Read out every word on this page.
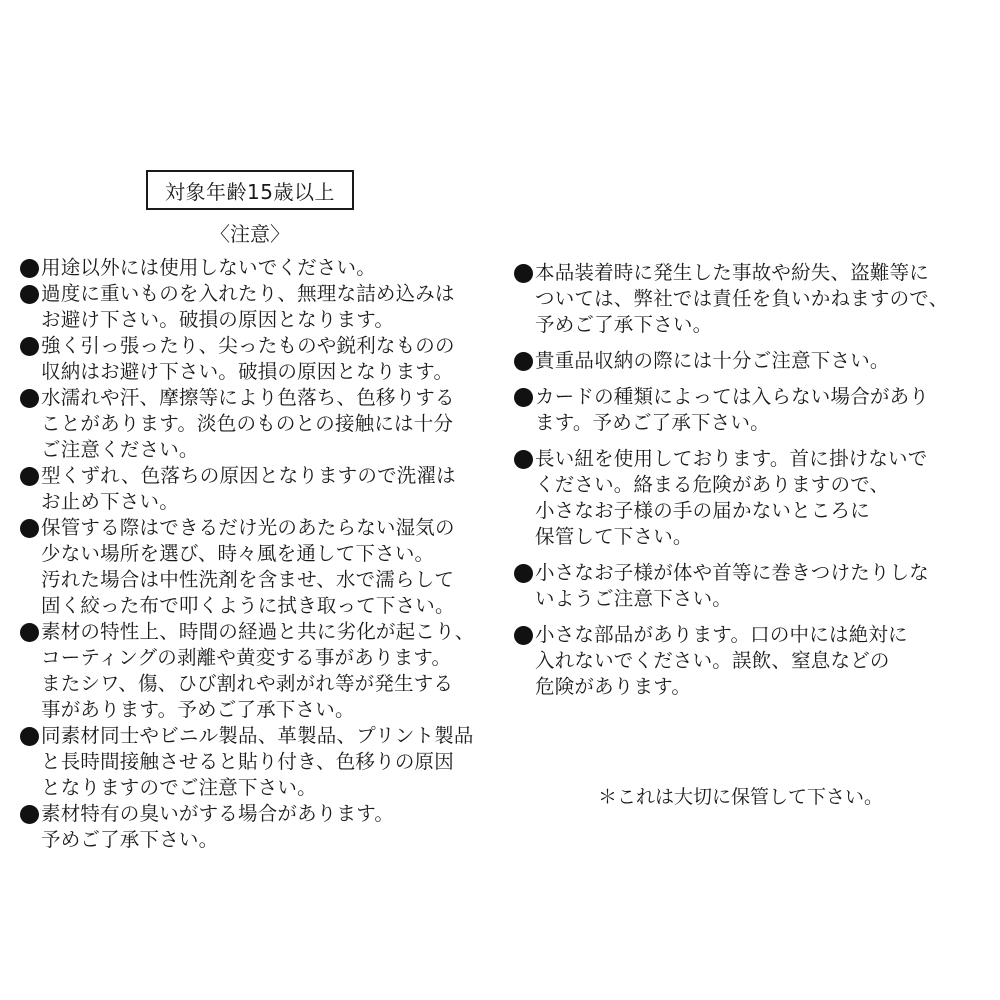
対象年齢15歳以上
〈注意〉
用途以外には使用しないでください。
過度に重いものを入れたり、無理な詰め込みは
お避け下さい。破損の原因となります。
強く引っ張ったり、尖ったものや鋭利なものの
収納はお避け下さい。破損の原因となります。
水濡れや汗、摩擦等により色落ち、色移りする
ことがあります。淡色のものとの接触には十分
ご注意ください。
型くずれ、色落ちの原因となりますので洗濯は
お止め下さい。
保管する際はできるだけ光のあたらない湿気の
少ない場所を選び、時々風を通して下さい。
汚れた場合は中性洗剤を含ませ、水で濡らして
固く絞った布で叩くように拭き取って下さい。
素材の特性上、時間の経過と共に劣化が起こり、
コーティングの剥離や黄変する事があります。
またシワ、傷、ひび割れや剥がれ等が発生する
事があります。予めご了承下さい。
同素材同士やビニル製品、革製品、プリント製品
と長時間接触させると貼り付き、色移りの原因
となりますのでご注意下さい。
素材特有の臭いがする場合があります。
予めご了承下さい。
本品装着時に発生した事故や紛失、盗難等に
ついては、弊社では責任を負いかねますので、
予めご了承下さい。
貴重品収納の際には十分ご注意下さい。
カードの種類によっては入らない場合があり
ます。予めご了承下さい。
長い紐を使用しております。首に掛けないで
ください。絡まる危険がありますので、
小さなお子様の手の届かないところに
保管して下さい。
小さなお子様が体や首等に巻きつけたりしな
いようご注意下さい。
小さな部品があります。口の中には絶対に
入れないでください。誤飲、窒息などの
危険があります。
＊これは大切に保管して下さい。
